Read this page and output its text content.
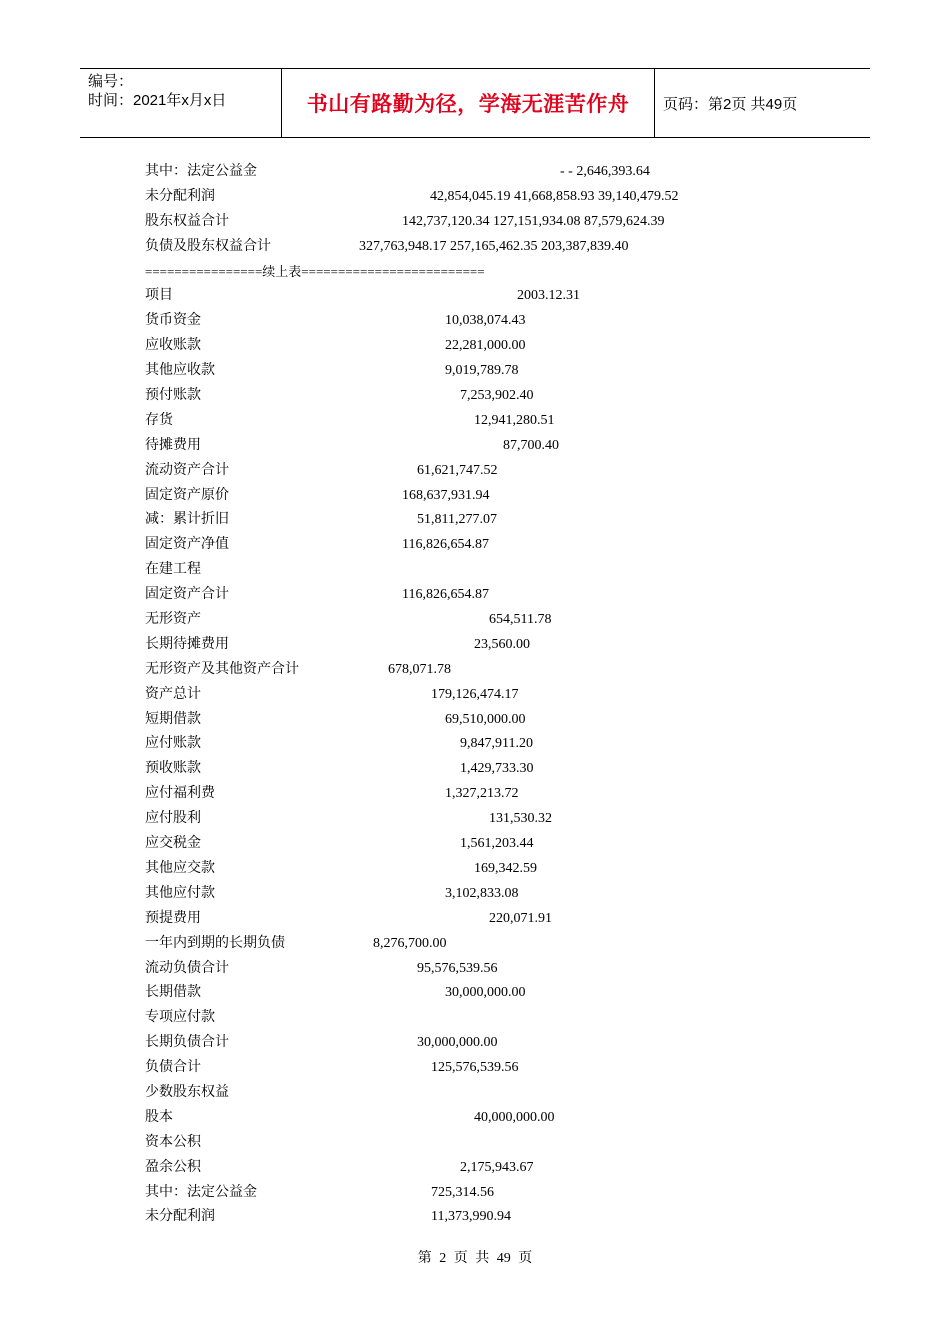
编号：
时间：2021年x月x日	书山有路勤为径，学海无涯苦作舟	页码：第2页 共49页
其中：法定公益金	- - 2,646,393.64
未分配利润	42,854,045.19 41,668,858.93 39,140,479.52
股东权益合计	142,737,120.34 127,151,934.08 87,579,624.39
负债及股东权益合计	327,763,948.17 257,165,462.35 203,387,839.40
================续上表=========================
项目	2003.12.31
货币资金	10,038,074.43
应收账款	22,281,000.00
其他应收款	9,019,789.78
预付账款	7,253,902.40
存货	12,941,280.51
待摊费用	87,700.40
流动资产合计	61,621,747.52
固定资产原价	168,637,931.94
减：累计折旧	51,811,277.07
固定资产净值	116,826,654.87
在建工程
固定资产合计	116,826,654.87
无形资产	654,511.78
长期待摊费用	23,560.00
无形资产及其他资产合计	678,071.78
资产总计	179,126,474.17
短期借款	69,510,000.00
应付账款	9,847,911.20
预收账款	1,429,733.30
应付福利费	1,327,213.72
应付股利	131,530.32
应交税金	1,561,203.44
其他应交款	169,342.59
其他应付款	3,102,833.08
预提费用	220,071.91
一年内到期的长期负债	8,276,700.00
流动负债合计	95,576,539.56
长期借款	30,000,000.00
专项应付款
长期负债合计	30,000,000.00
负债合计	125,576,539.56
少数股东权益
股本	40,000,000.00
资本公积
盈余公积	2,175,943.67
其中：法定公益金	725,314.56
未分配利润	11,373,990.94
第 2 页 共 49 页
